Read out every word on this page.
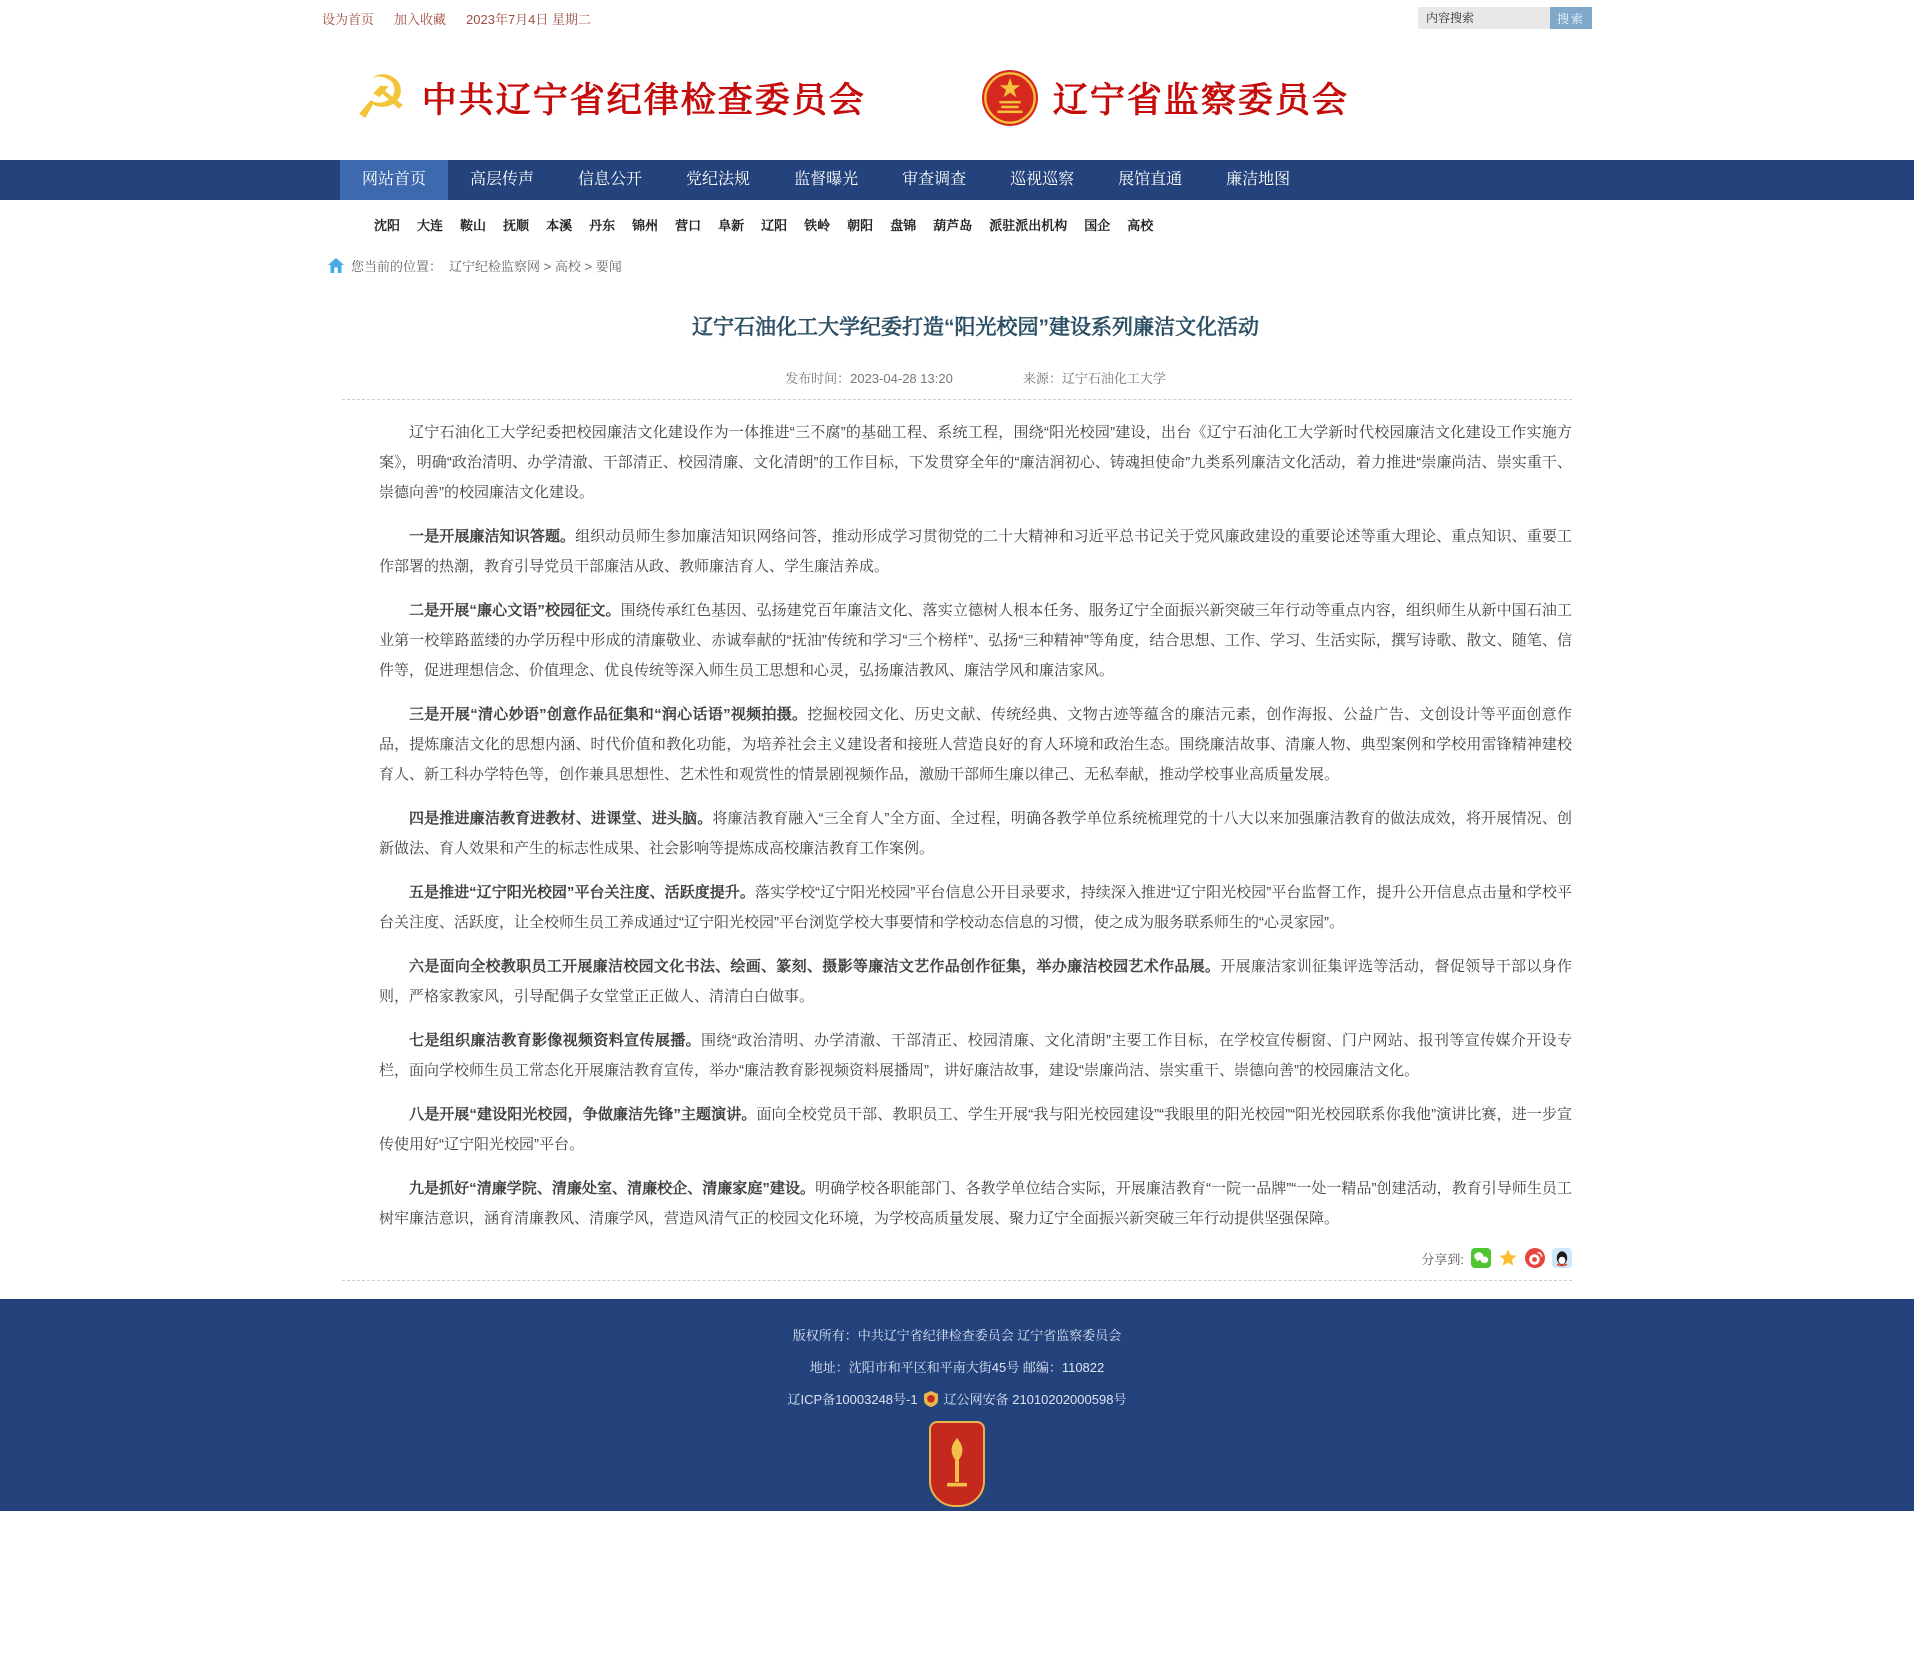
设为首页 加入收藏 2023年7月4日 星期二
内容搜索	搜索
☭ 中共辽宁省纪律检查委员会	辽宁省监察委员会
网站首页	高层传声	信息公开	党纪法规	监督曝光	审查调查	巡视巡察	展馆直通	廉洁地图
沈阳 大连 鞍山 抚顺 本溪 丹东 锦州 营口 阜新 辽阳 铁岭 朝阳 盘锦 葫芦岛 派驻派出机构 国企 高校
您当前的位置： 辽宁纪检监察网 > 高校 > 要闻
辽宁石油化工大学纪委打造“阳光校园”建设系列廉洁文化活动
发布时间：2023-04-28 13:20	来源：辽宁石油化工大学

辽宁石油化工大学纪委把校园廉洁文化建设作为一体推进“三不腐”的基础工程、系统工程，围绕“阳光校园”建设，出台《辽宁石油化工大学新时代校园廉洁文化建设工作实施方案》，明确“政治清明、办学清澈、干部清正、校园清廉、文化清朗”的工作目标，下发贯穿全年的“廉洁润初心、铸魂担使命”九类系列廉洁文化活动，着力推进“崇廉尚洁、崇实重干、崇德向善”的校园廉洁文化建设。

一是开展廉洁知识答题。组织动员师生参加廉洁知识网络问答，推动形成学习贯彻党的二十大精神和习近平总书记关于党风廉政建设的重要论述等重大理论、重点知识、重要工作部署的热潮，教育引导党员干部廉洁从政、教师廉洁育人、学生廉洁养成。

二是开展“廉心文语”校园征文。围绕传承红色基因、弘扬建党百年廉洁文化、落实立德树人根本任务、服务辽宁全面振兴新突破三年行动等重点内容，组织师生从新中国石油工业第一校筚路蓝缕的办学历程中形成的清廉敬业、赤诚奉献的“抚油”传统和学习“三个榜样”、弘扬“三种精神”等角度，结合思想、工作、学习、生活实际，撰写诗歌、散文、随笔、信件等，促进理想信念、价值理念、优良传统等深入师生员工思想和心灵，弘扬廉洁教风、廉洁学风和廉洁家风。

三是开展“清心妙语”创意作品征集和“润心话语”视频拍摄。挖掘校园文化、历史文献、传统经典、文物古迹等蕴含的廉洁元素，创作海报、公益广告、文创设计等平面创意作品，提炼廉洁文化的思想内涵、时代价值和教化功能，为培养社会主义建设者和接班人营造良好的育人环境和政治生态。围绕廉洁故事、清廉人物、典型案例和学校用雷锋精神建校育人、新工科办学特色等，创作兼具思想性、艺术性和观赏性的情景剧视频作品，激励干部师生廉以律己、无私奉献，推动学校事业高质量发展。

四是推进廉洁教育进教材、进课堂、进头脑。将廉洁教育融入“三全育人”全方面、全过程，明确各教学单位系统梳理党的十八大以来加强廉洁教育的做法成效，将开展情况、创新做法、育人效果和产生的标志性成果、社会影响等提炼成高校廉洁教育工作案例。

五是推进“辽宁阳光校园”平台关注度、活跃度提升。落实学校“辽宁阳光校园”平台信息公开目录要求，持续深入推进“辽宁阳光校园”平台监督工作，提升公开信息点击量和学校平台关注度、活跃度，让全校师生员工养成通过“辽宁阳光校园”平台浏览学校大事要情和学校动态信息的习惯，使之成为服务联系师生的“心灵家园”。

六是面向全校教职员工开展廉洁校园文化书法、绘画、篆刻、摄影等廉洁文艺作品创作征集，举办廉洁校园艺术作品展。开展廉洁家训征集评选等活动，督促领导干部以身作则，严格家教家风，引导配偶子女堂堂正正做人、清清白白做事。

七是组织廉洁教育影像视频资料宣传展播。围绕“政治清明、办学清澈、干部清正、校园清廉、文化清朗”主要工作目标，在学校宣传橱窗、门户网站、报刊等宣传媒介开设专栏，面向学校师生员工常态化开展廉洁教育宣传，举办“廉洁教育影视频资料展播周”，讲好廉洁故事，建设“崇廉尚洁、崇实重干、崇德向善”的校园廉洁文化。

八是开展“建设阳光校园，争做廉洁先锋”主题演讲。面向全校党员干部、教职员工、学生开展“我与阳光校园建设”“我眼里的阳光校园”“阳光校园联系你我他”演讲比赛，进一步宣传使用好“辽宁阳光校园”平台。

九是抓好“清廉学院、清廉处室、清廉校企、清廉家庭”建设。明确学校各职能部门、各教学单位结合实际，开展廉洁教育“一院一品牌”“一处一精品”创建活动，教育引导师生员工树牢廉洁意识，涵育清廉教风、清廉学风，营造风清气正的校园文化环境，为学校高质量发展、聚力辽宁全面振兴新突破三年行动提供坚强保障。

分享到:

版权所有：中共辽宁省纪律检查委员会 辽宁省监察委员会

地址：沈阳市和平区和平南大街45号 邮编：110822

辽ICP备10003248号-1 辽公网安备 21010202000598号
